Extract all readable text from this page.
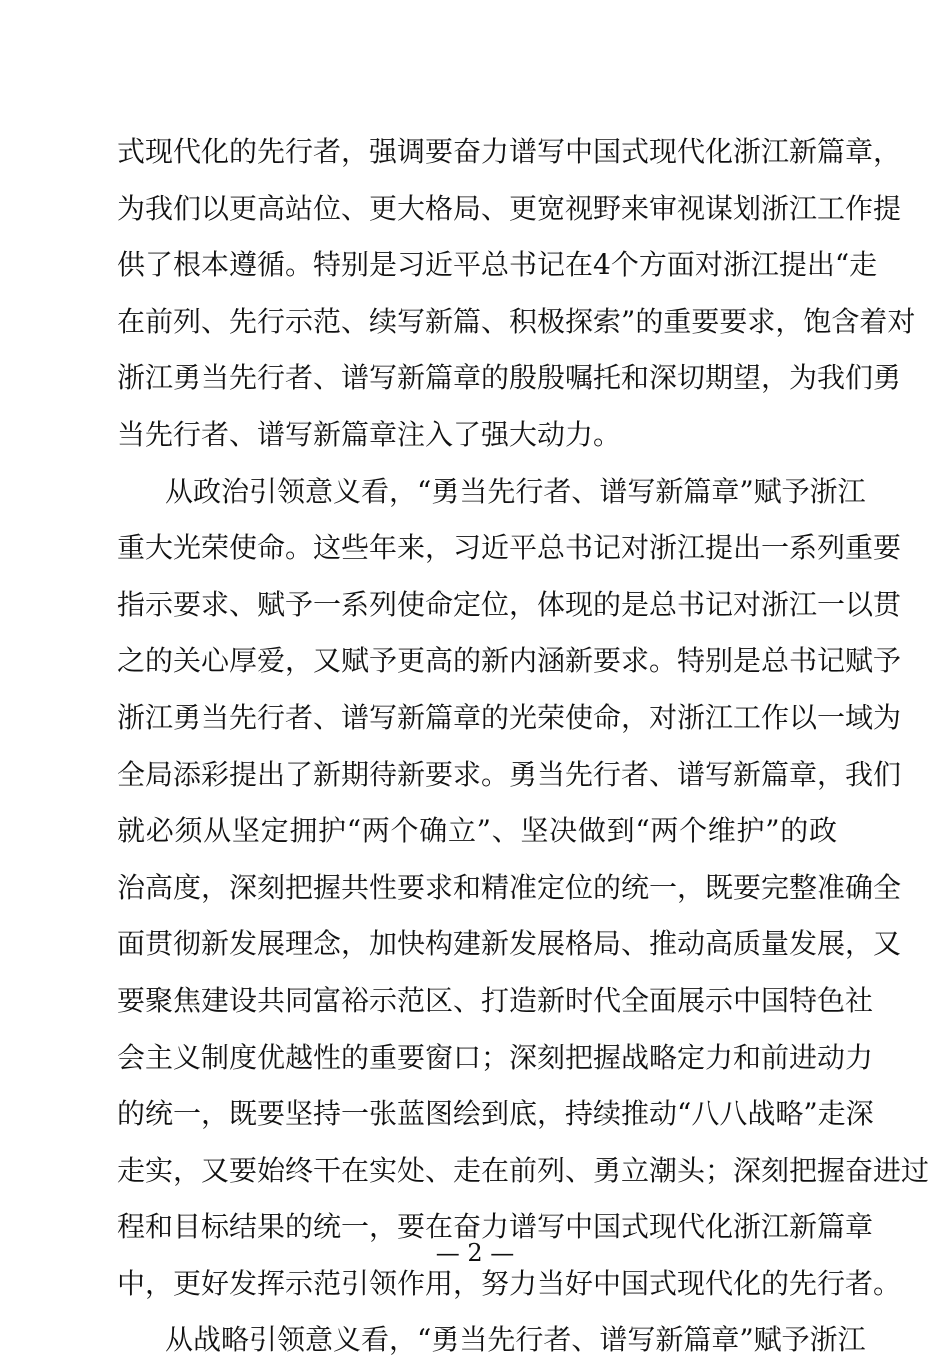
式现代化的先行者，强调要奋力谱写中国式现代化浙江新篇章，
为我们以更高站位、更大格局、更宽视野来审视谋划浙江工作提
供了根本遵循。特别是习近平总书记在4个方面对浙江提出“走
在前列、先行示范、续写新篇、积极探索”的重要要求，饱含着对
浙江勇当先行者、谱写新篇章的殷殷嘱托和深切期望，为我们勇
当先行者、谱写新篇章注入了强大动力。
从政治引领意义看，“勇当先行者、谱写新篇章”赋予浙江
重大光荣使命。这些年来，习近平总书记对浙江提出一系列重要
指示要求、赋予一系列使命定位，体现的是总书记对浙江一以贯
之的关心厚爱，又赋予更高的新内涵新要求。特别是总书记赋予
浙江勇当先行者、谱写新篇章的光荣使命，对浙江工作以一域为
全局添彩提出了新期待新要求。勇当先行者、谱写新篇章，我们
就必须从坚定拥护“两个确立”、坚决做到“两个维护”的政
治高度，深刻把握共性要求和精准定位的统一，既要完整准确全
面贯彻新发展理念，加快构建新发展格局、推动高质量发展，又
要聚焦建设共同富裕示范区、打造新时代全面展示中国特色社
会主义制度优越性的重要窗口；深刻把握战略定力和前进动力
的统一，既要坚持一张蓝图绘到底，持续推动“八八战略”走深
走实，又要始终干在实处、走在前列、勇立潮头；深刻把握奋进过
程和目标结果的统一，要在奋力谱写中国式现代化浙江新篇章
中，更好发挥示范引领作用，努力当好中国式现代化的先行者。
从战略引领意义看，“勇当先行者、谱写新篇章”赋予浙江
— 2 —
